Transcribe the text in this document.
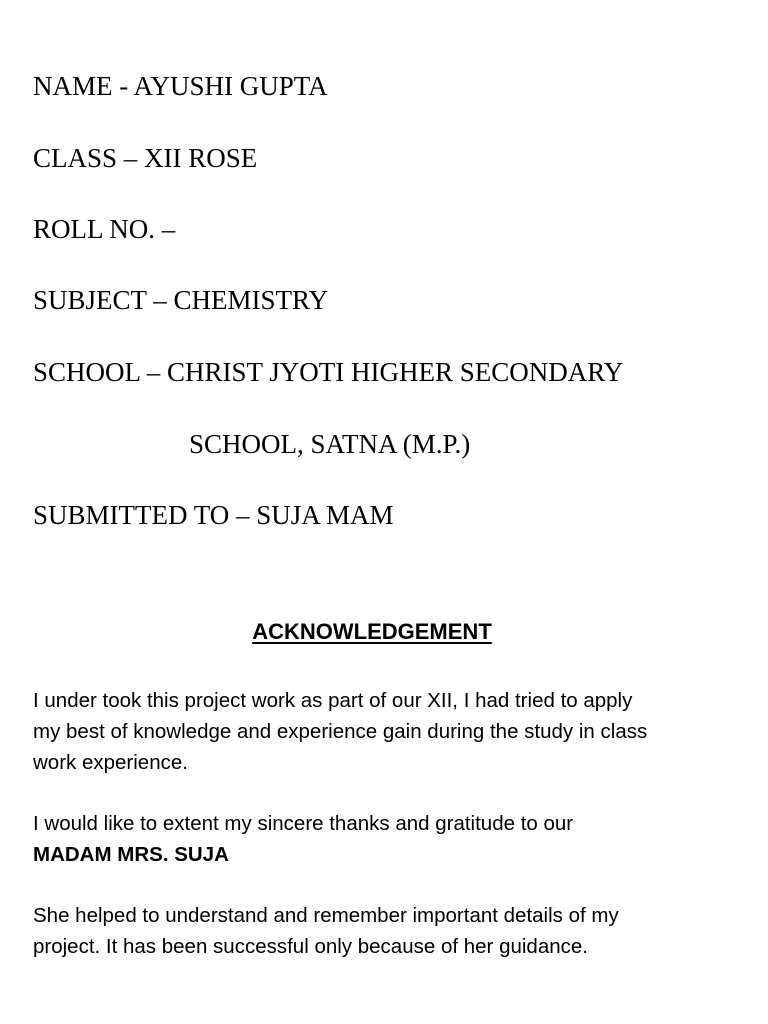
NAME - AYUSHI GUPTA

CLASS – XII ROSE

ROLL NO. –

SUBJECT – CHEMISTRY

SCHOOL – CHRIST JYOTI HIGHER SECONDARY

SCHOOL, SATNA (M.P.)

SUBMITTED TO – SUJA MAM

ACKNOWLEDGEMENT
I under took this project work as part of our XII, I had tried to apply
my best of knowledge and experience gain during the study in class
work experience.
I would like to extent my sincere thanks and gratitude to our
MADAM MRS. SUJA
She helped to understand and remember important details of my
project. It has been successful only because of her guidance.
